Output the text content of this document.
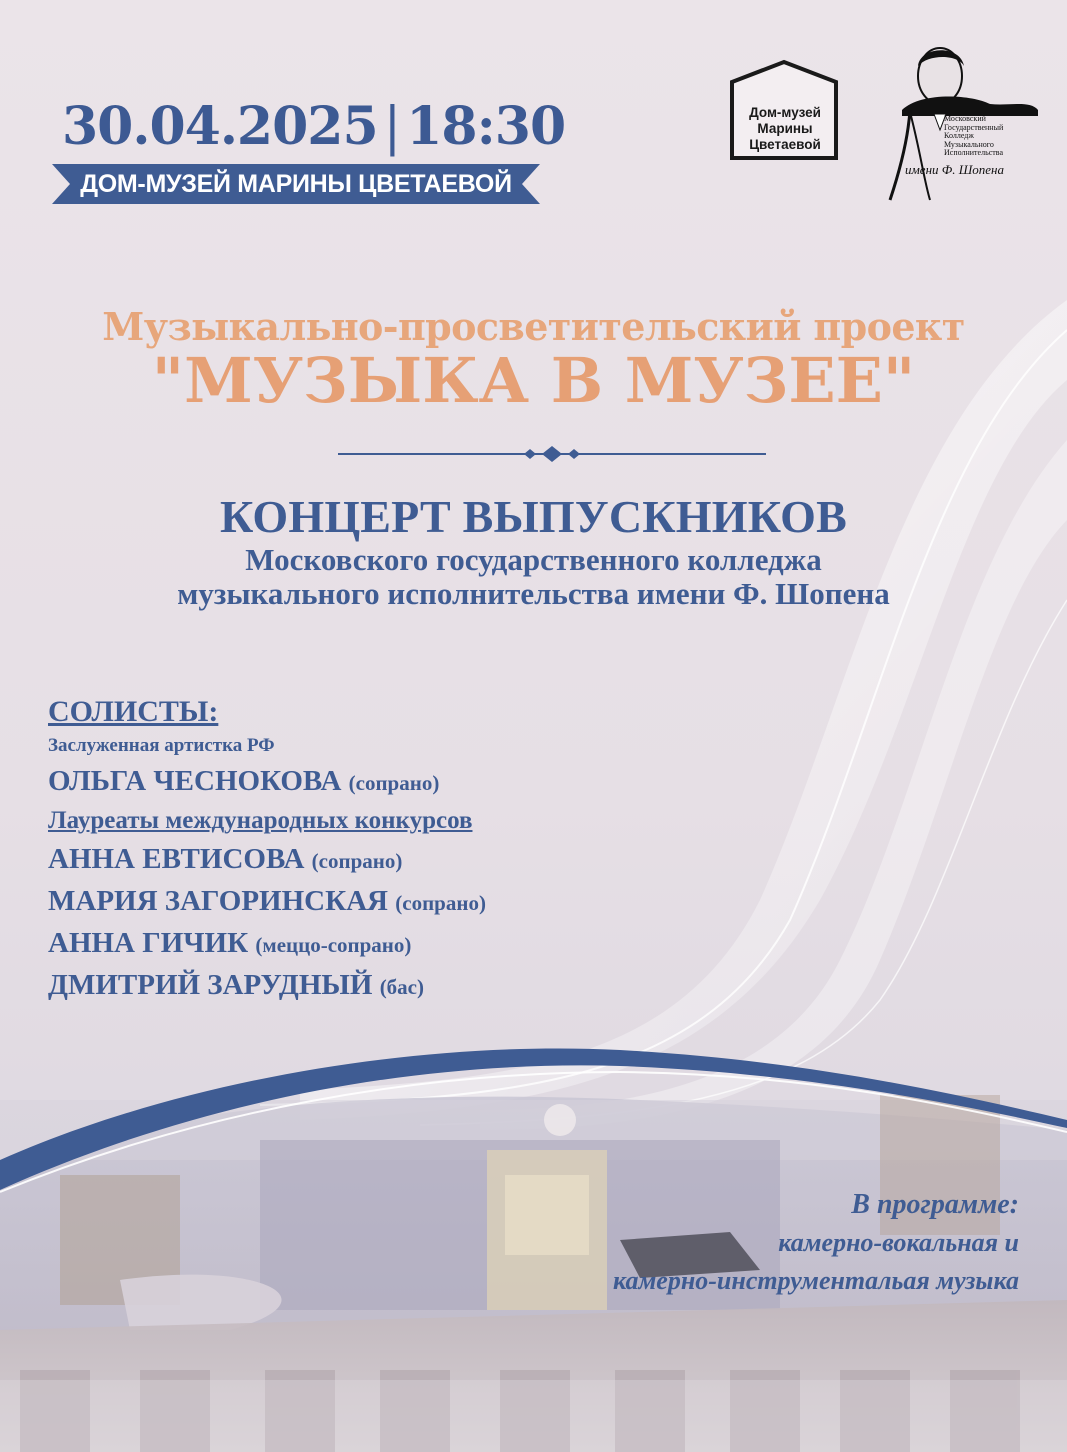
30.04.2025 | 18:30
ДОМ-МУЗЕЙ МАРИНЫ ЦВЕТАЕВОЙ
Дом-музей
Марины
Цветаевой
Московский
Государственный
Колледж
Музыкального
Исполнительства
имени Ф. Шопена
Музыкально-просветительский проект
"МУЗЫКА В МУЗЕЕ"
КОНЦЕРТ ВЫПУСКНИКОВ
Московского государственного колледжа
музыкального исполнительства имени Ф. Шопена
СОЛИСТЫ:
Заслуженная артистка РФ
ОЛЬГА ЧЕСНОКОВА (сопрано)
Лауреаты международных конкурсов
АННА ЕВТИСОВА (сопрано)
МАРИЯ ЗАГОРИНСКАЯ (сопрано)
АННА ГИЧИК (меццо-сопрано)
ДМИТРИЙ ЗАРУДНЫЙ (бас)
В программе:
камерно-вокальная и
камерно-инструментальая музыка
